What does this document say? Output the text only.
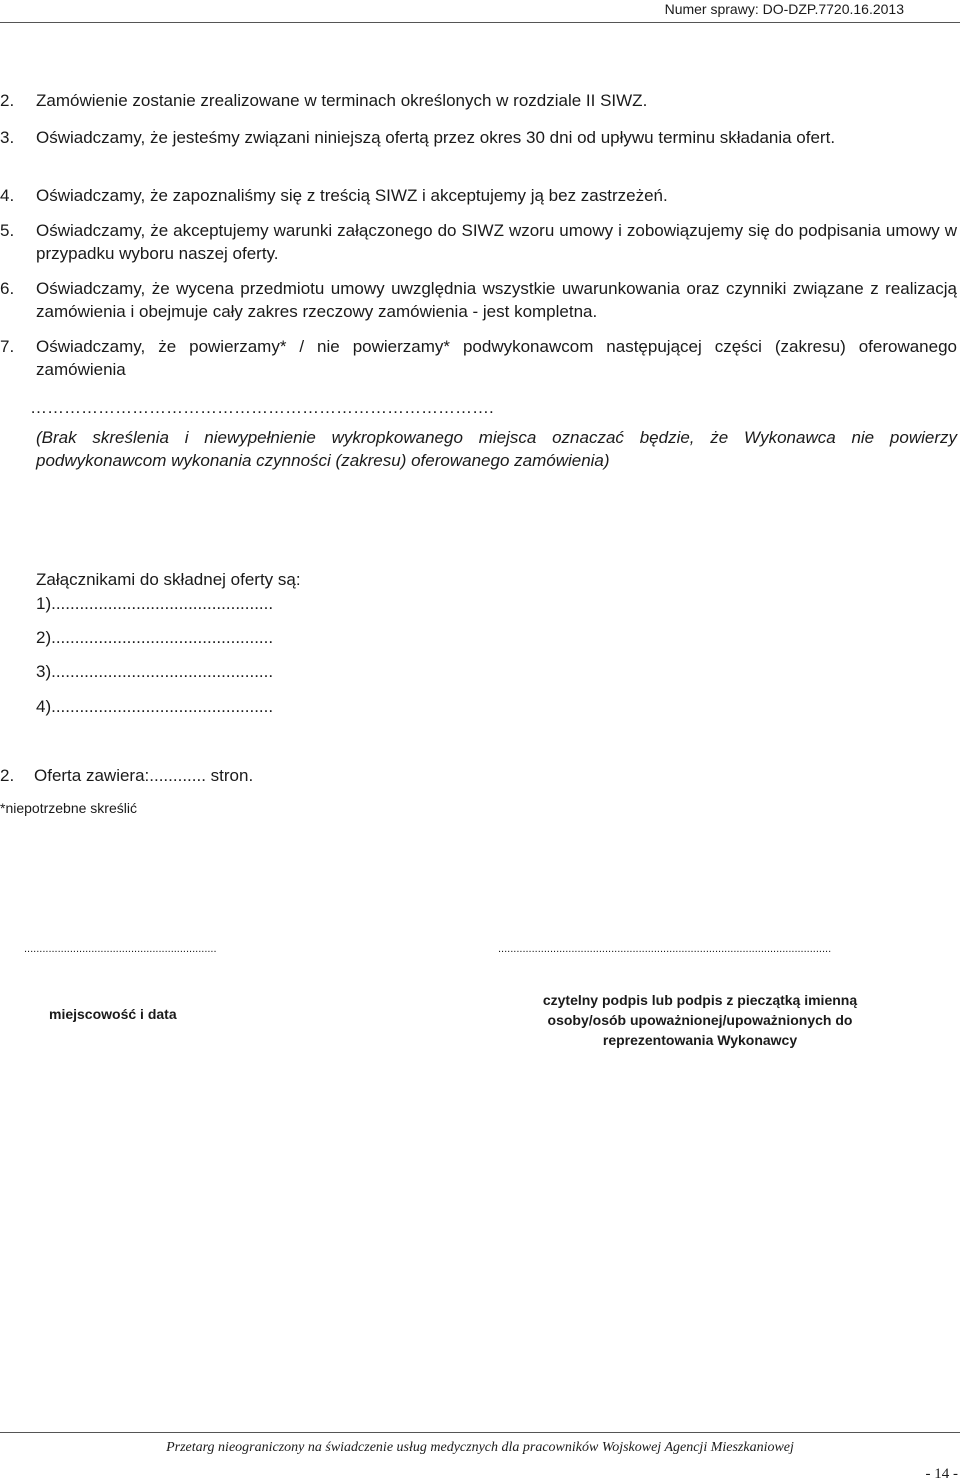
Numer sprawy: DO-DZP.7720.16.2013
2. Zamówienie zostanie zrealizowane w terminach określonych w rozdziale II SIWZ.
3. Oświadczamy, że jesteśmy związani niniejszą ofertą przez okres 30 dni od upływu terminu składania ofert.
4. Oświadczamy, że zapoznaliśmy się z treścią SIWZ i akceptujemy ją bez zastrzeżeń.
5. Oświadczamy, że akceptujemy warunki załączonego do SIWZ wzoru umowy i zobowiązujemy się do podpisania umowy w przypadku wyboru naszej oferty.
6. Oświadczamy, że wycena przedmiotu umowy uwzględnia wszystkie uwarunkowania oraz czynniki związane z realizacją zamówienia i obejmuje cały zakres rzeczowy zamówienia - jest kompletna.
7. Oświadczamy, że powierzamy* / nie powierzamy* podwykonawcom następującej części (zakresu) oferowanego zamówienia
……………………………………………………………………….
(Brak skreślenia i niewypełnienie wykropkowanego miejsca oznaczać będzie, że Wykonawca nie powierzy podwykonawcom wykonania czynności (zakresu) oferowanego zamówienia)
Załącznikami do składnej oferty są:
1)...............................................
2)...............................................
3)...............................................
4)...............................................
2. Oferta zawiera:............ stron.
*niepotrzebne skreślić
...............................................................
miejscowość i data
.............................................................................................................
czytelny podpis lub podpis z pieczątką imienną
osoby/osób upoważnionej/upoważnionych do
reprezentowania Wykonawcy
Przetarg nieograniczony na świadczenie usług medycznych dla pracowników Wojskowej Agencji Mieszkaniowej
- 14 -
